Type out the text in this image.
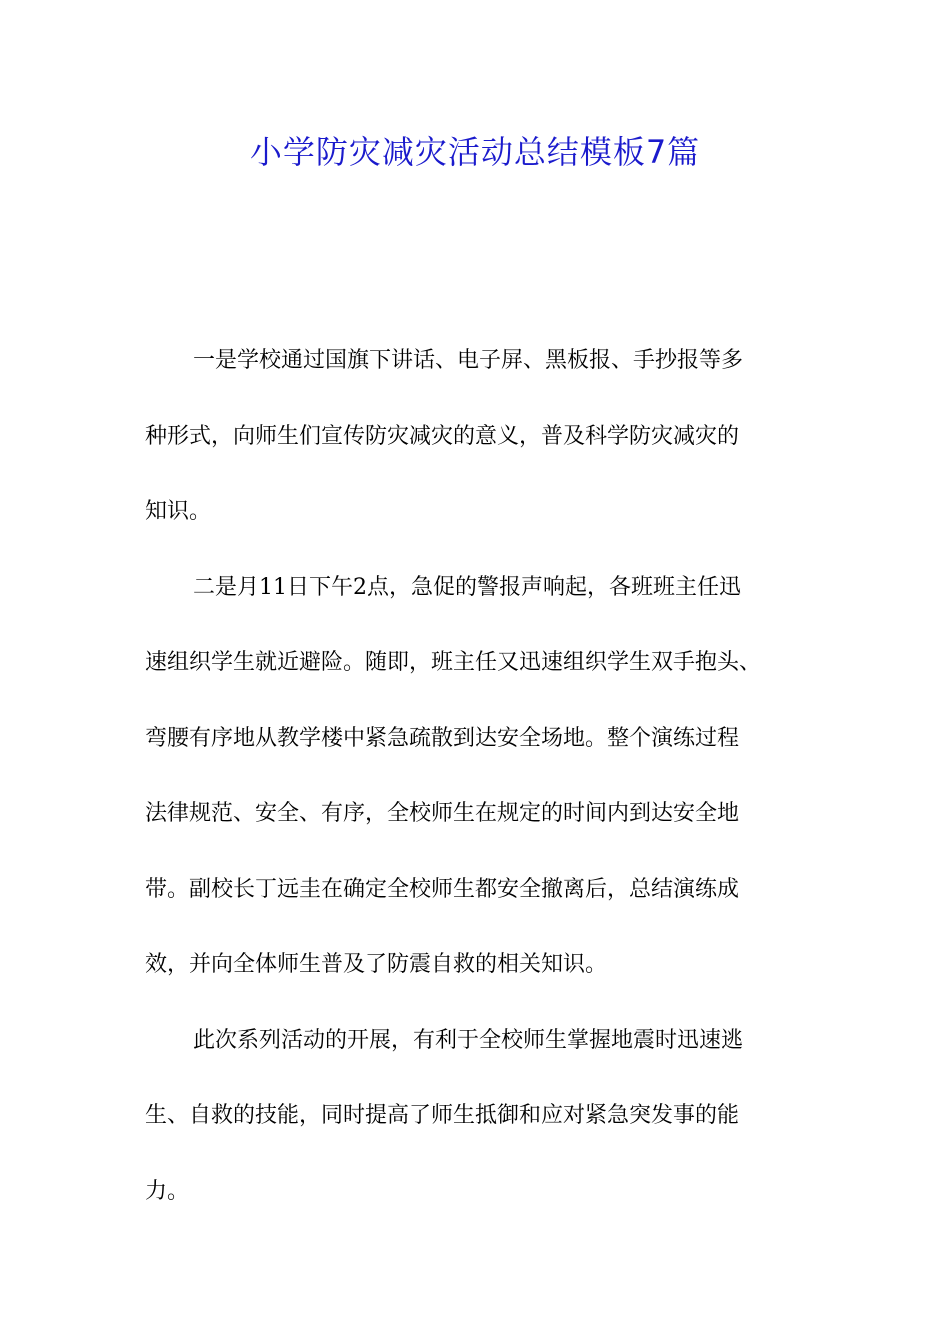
小学防灾减灾活动总结模板7篇
一是学校通过国旗下讲话、电子屏、黑板报、手抄报等多
种形式，向师生们宣传防灾减灾的意义，普及科学防灾减灾的
知识。
二是月11日下午2点，急促的警报声响起，各班班主任迅
速组织学生就近避险。随即，班主任又迅速组织学生双手抱头、
弯腰有序地从教学楼中紧急疏散到达安全场地。整个演练过程
法律规范、安全、有序，全校师生在规定的时间内到达安全地
带。副校长丁远圭在确定全校师生都安全撤离后，总结演练成
效，并向全体师生普及了防震自救的相关知识。
此次系列活动的开展，有利于全校师生掌握地震时迅速逃
生、自救的技能，同时提高了师生抵御和应对紧急突发事的能
力。
